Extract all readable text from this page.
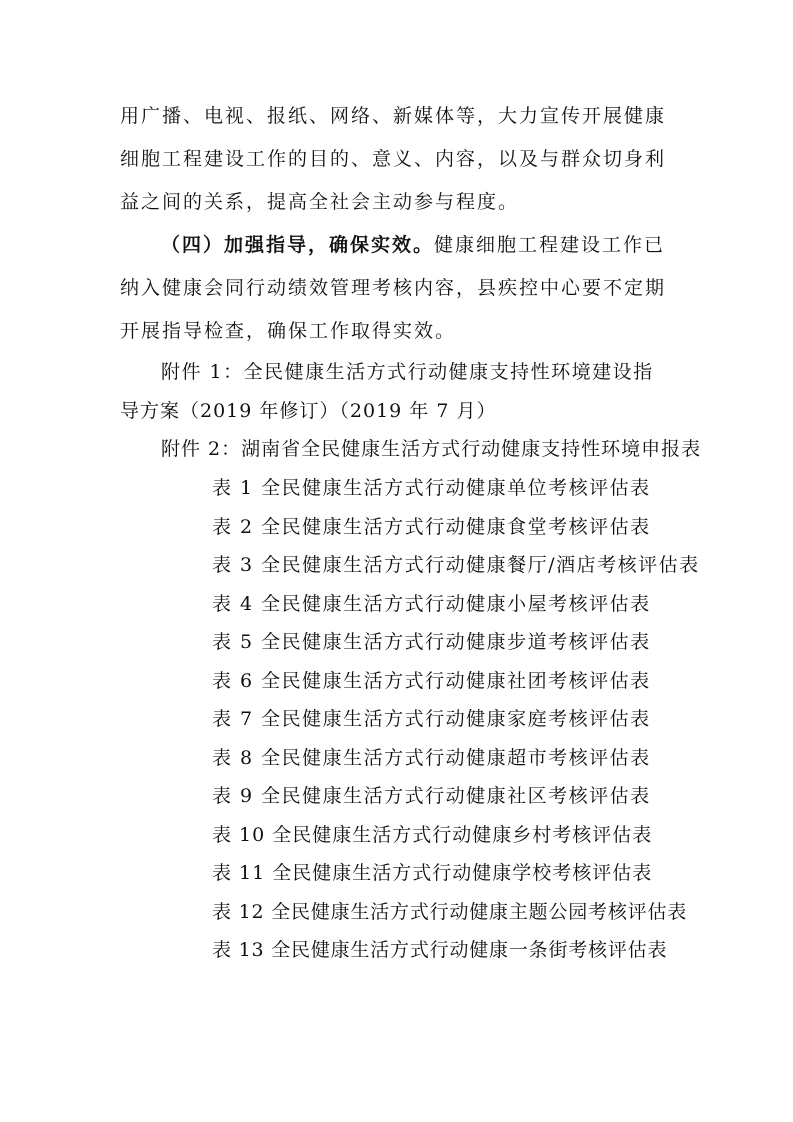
用广播、电视、报纸、网络、新媒体等，大力宣传开展健康
细胞工程建设工作的目的、意义、内容，以及与群众切身利
益之间的关系，提高全社会主动参与程度。
（四）加强指导，确保实效。健康细胞工程建设工作已
纳入健康会同行动绩效管理考核内容，县疾控中心要不定期
开展指导检查，确保工作取得实效。
附件 1：全民健康生活方式行动健康支持性环境建设指
导方案（2019 年修订）（2019 年 7 月）
附件 2：湖南省全民健康生活方式行动健康支持性环境申报表
表 1 全民健康生活方式行动健康单位考核评估表
表 2 全民健康生活方式行动健康食堂考核评估表
表 3 全民健康生活方式行动健康餐厅/酒店考核评估表
表 4 全民健康生活方式行动健康小屋考核评估表
表 5 全民健康生活方式行动健康步道考核评估表
表 6 全民健康生活方式行动健康社团考核评估表
表 7 全民健康生活方式行动健康家庭考核评估表
表 8 全民健康生活方式行动健康超市考核评估表
表 9 全民健康生活方式行动健康社区考核评估表
表 10 全民健康生活方式行动健康乡村考核评估表
表 11 全民健康生活方式行动健康学校考核评估表
表 12 全民健康生活方式行动健康主题公园考核评估表
表 13 全民健康生活方式行动健康一条街考核评估表
